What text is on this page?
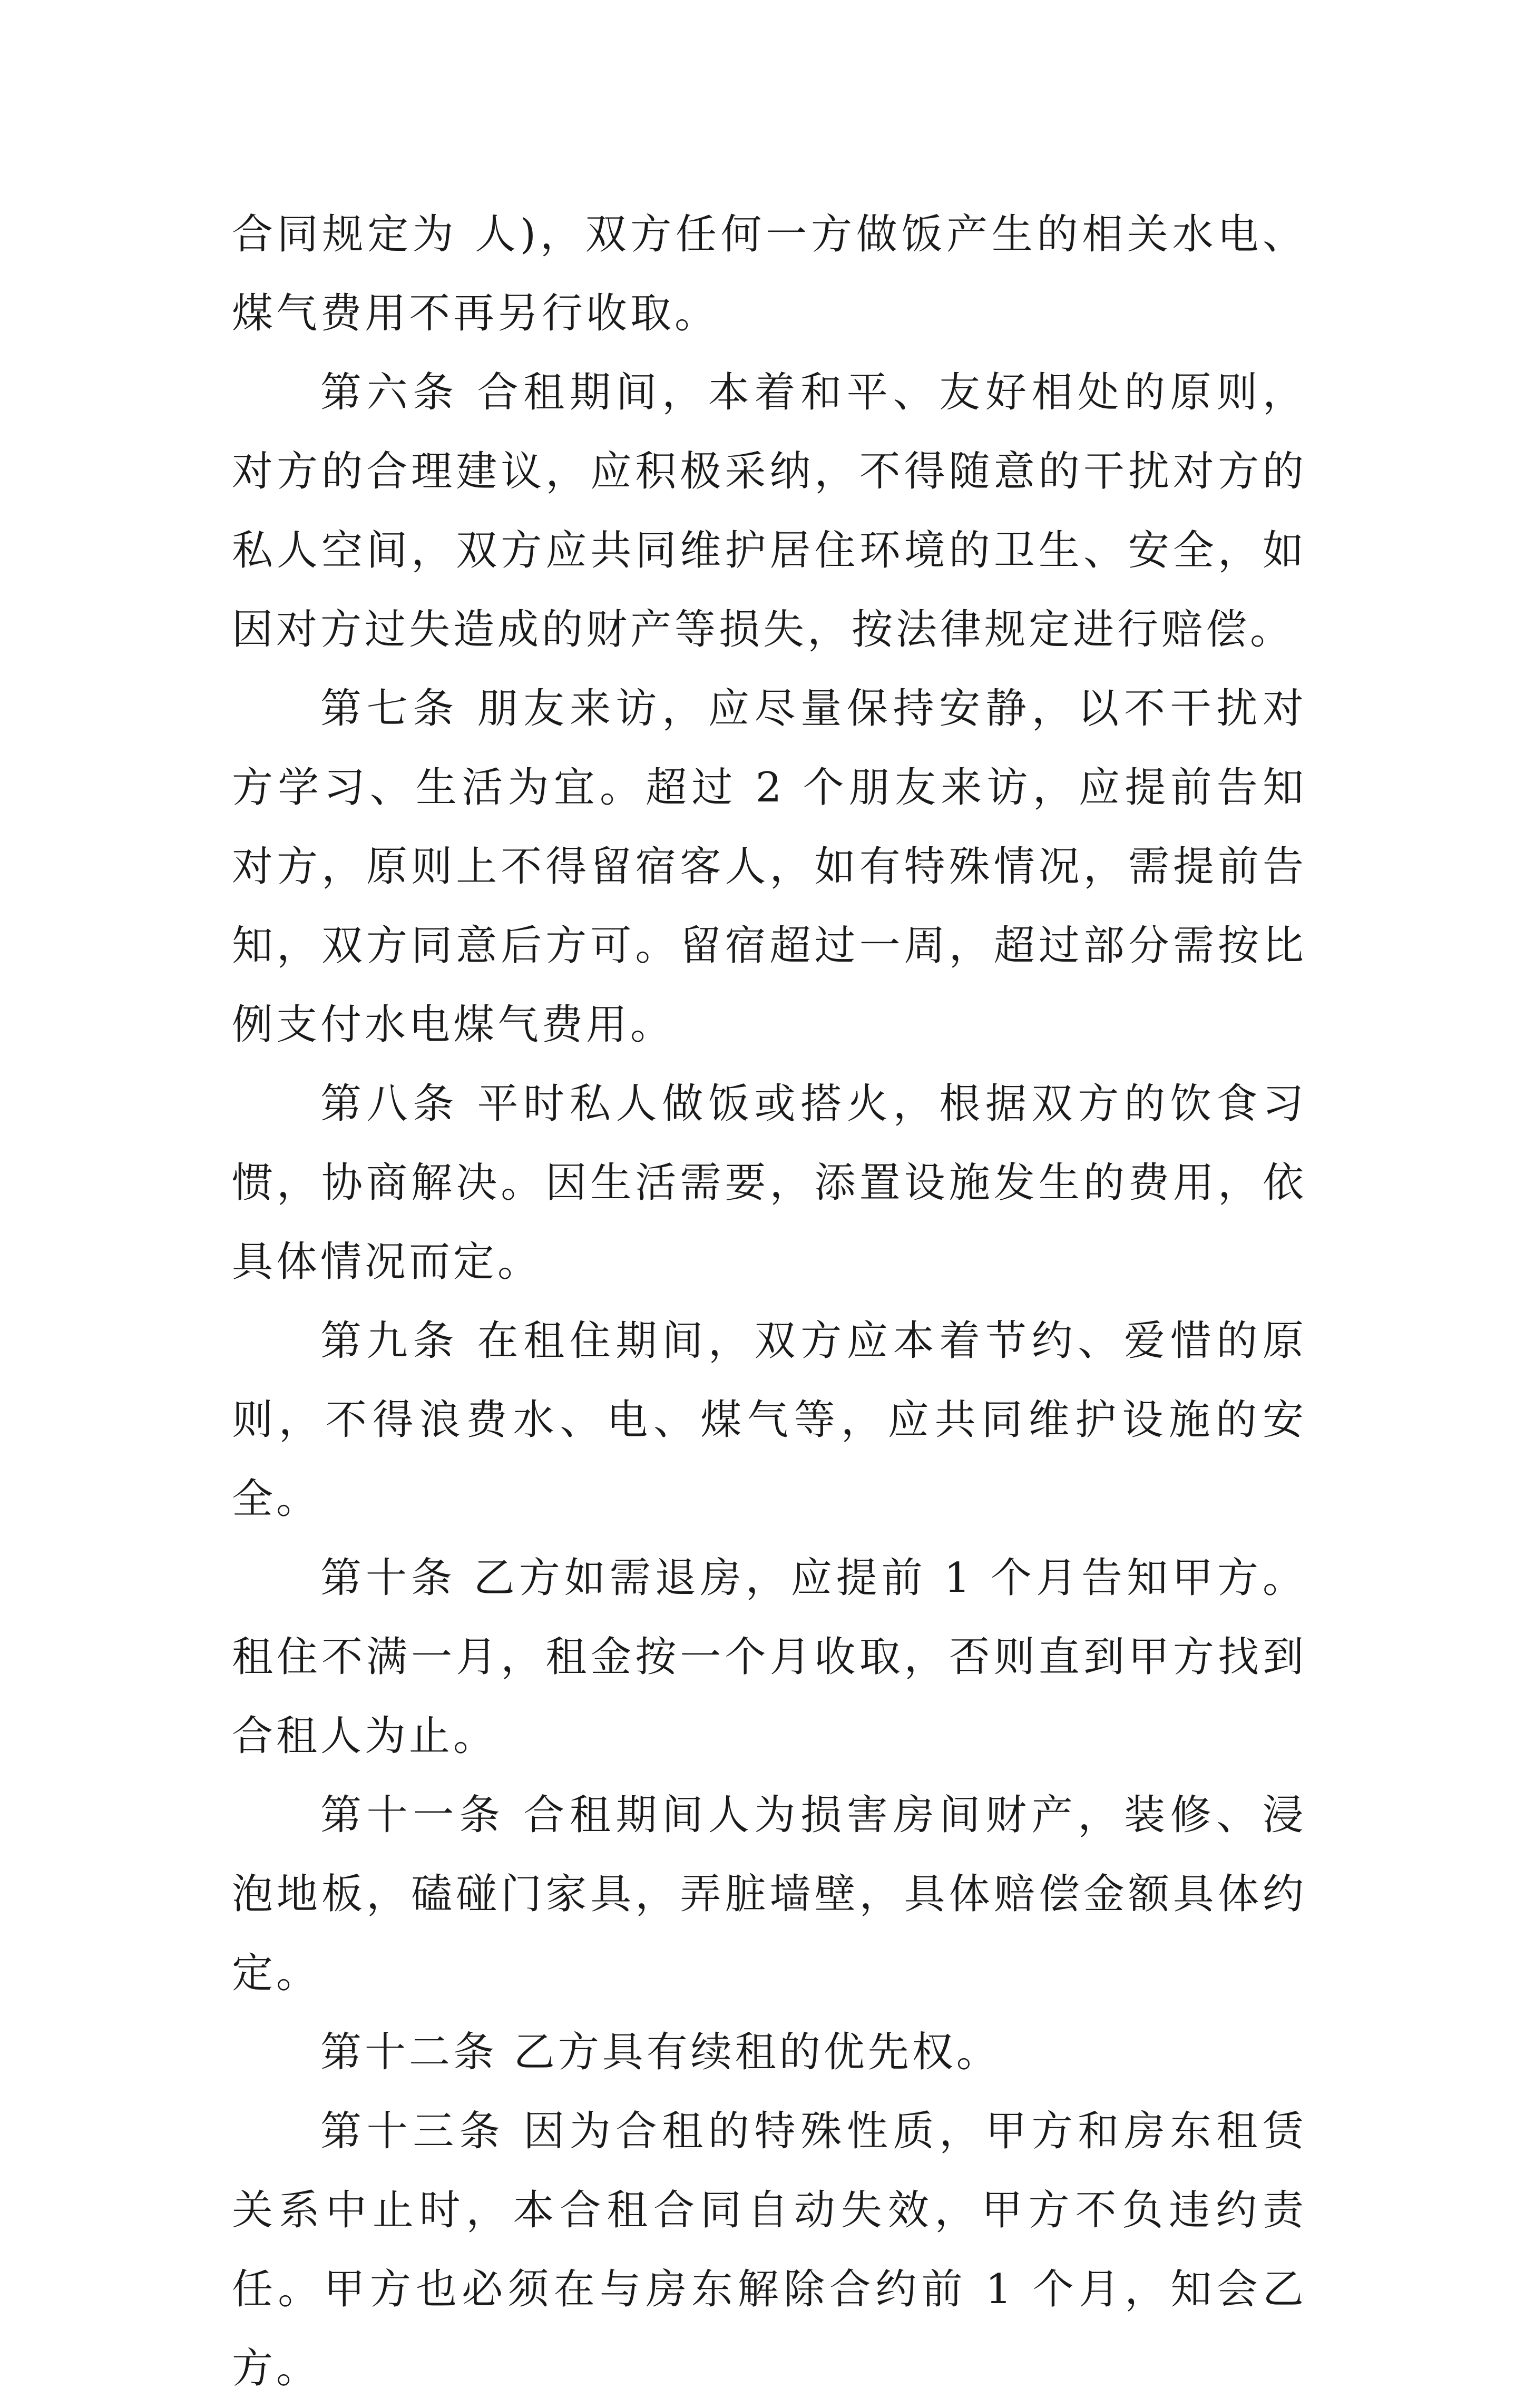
合同规定为 人)，双方任何一方做饭产生的相关水电、煤气费用不再另行收取。

第六条 合租期间，本着和平、友好相处的原则，对方的合理建议，应积极采纳，不得随意的干扰对方的私人空间，双方应共同维护居住环境的卫生、安全，如因对方过失造成的财产等损失，按法律规定进行赔偿。

第七条 朋友来访，应尽量保持安静，以不干扰对方学习、生活为宜。超过 2 个朋友来访，应提前告知对方，原则上不得留宿客人，如有特殊情况，需提前告知，双方同意后方可。留宿超过一周，超过部分需按比例支付水电煤气费用。

第八条 平时私人做饭或搭火，根据双方的饮食习惯，协商解决。因生活需要，添置设施发生的费用，依具体情况而定。

第九条 在租住期间，双方应本着节约、爱惜的原则，不得浪费水、电、煤气等，应共同维护设施的安全。

第十条 乙方如需退房，应提前 1 个月告知甲方。租住不满一月，租金按一个月收取，否则直到甲方找到合租人为止。

第十一条 合租期间人为损害房间财产，装修、浸泡地板，磕碰门家具，弄脏墙壁，具体赔偿金额具体约定。

第十二条 乙方具有续租的优先权。

第十三条 因为合租的特殊性质，甲方和房东租赁关系中止时，本合租合同自动失效，甲方不负违约责任。甲方也必须在与房东解除合约前 1 个月，知会乙方。
